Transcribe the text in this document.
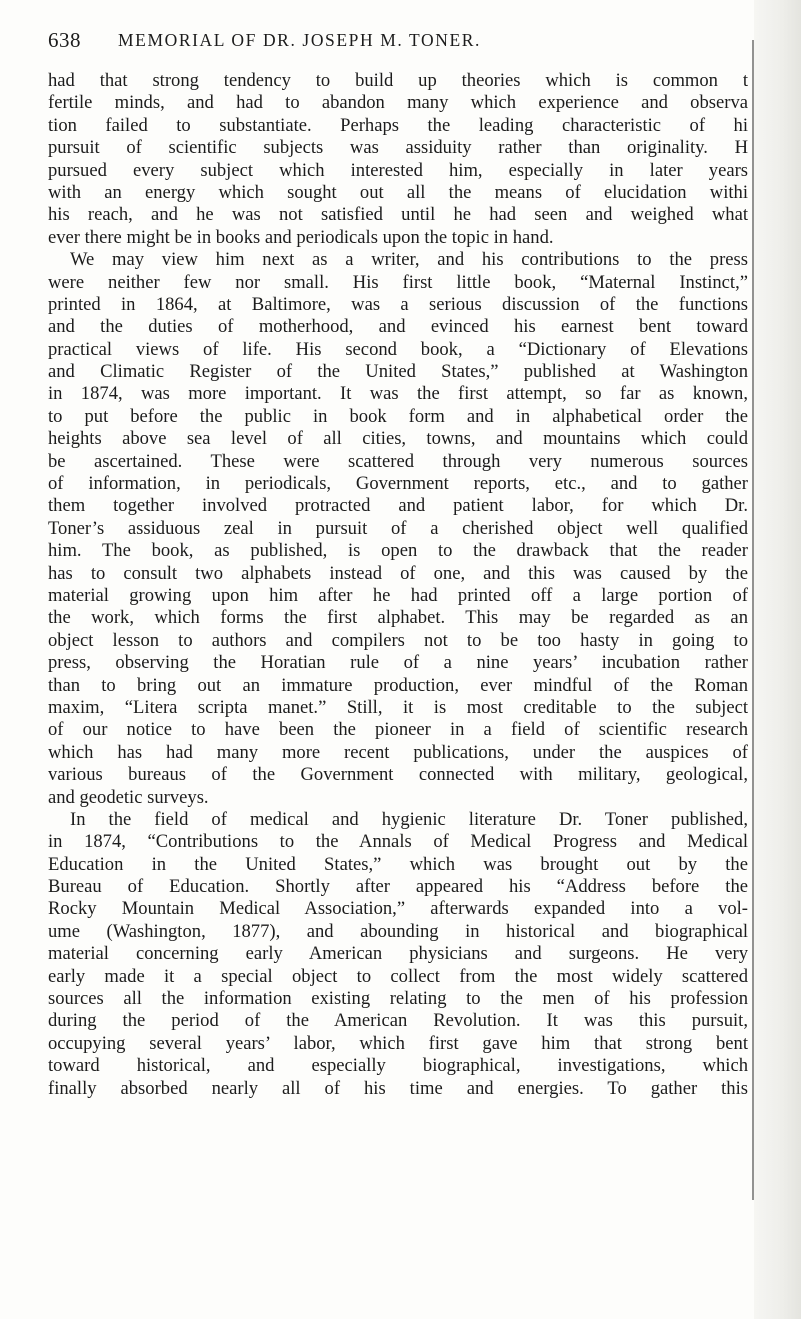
638 MEMORIAL OF DR. JOSEPH M. TONER.
had that strong tendency to build up theories which is common t
fertile minds, and had to abandon many which experience and observa
tion failed to substantiate. Perhaps the leading characteristic of hi
pursuit of scientific subjects was assiduity rather than originality. H
pursued every subject which interested him, especially in later years
with an energy which sought out all the means of elucidation withi
his reach, and he was not satisfied until he had seen and weighed what
ever there might be in books and periodicals upon the topic in hand.
We may view him next as a writer, and his contributions to the press
were neither few nor small. His first little book, “Maternal Instinct,”
printed in 1864, at Baltimore, was a serious discussion of the functions
and the duties of motherhood, and evinced his earnest bent toward
practical views of life. His second book, a “Dictionary of Elevations
and Climatic Register of the United States,” published at Washington
in 1874, was more important. It was the first attempt, so far as known,
to put before the public in book form and in alphabetical order the
heights above sea level of all cities, towns, and mountains which could
be ascertained. These were scattered through very numerous sources
of information, in periodicals, Government reports, etc., and to gather
them together involved protracted and patient labor, for which Dr.
Toner’s assiduous zeal in pursuit of a cherished object well qualified
him. The book, as published, is open to the drawback that the reader
has to consult two alphabets instead of one, and this was caused by the
material growing upon him after he had printed off a large portion of
the work, which forms the first alphabet. This may be regarded as an
object lesson to authors and compilers not to be too hasty in going to
press, observing the Horatian rule of a nine years’ incubation rather
than to bring out an immature production, ever mindful of the Roman
maxim, “Litera scripta manet.” Still, it is most creditable to the subject
of our notice to have been the pioneer in a field of scientific research
which has had many more recent publications, under the auspices of
various bureaus of the Government connected with military, geological,
and geodetic surveys.
In the field of medical and hygienic literature Dr. Toner published,
in 1874, “Contributions to the Annals of Medical Progress and Medical
Education in the United States,” which was brought out by the
Bureau of Education. Shortly after appeared his “Address before the
Rocky Mountain Medical Association,” afterwards expanded into a vol-
ume (Washington, 1877), and abounding in historical and biographical
material concerning early American physicians and surgeons. He very
early made it a special object to collect from the most widely scattered
sources all the information existing relating to the men of his profession
during the period of the American Revolution. It was this pursuit,
occupying several years’ labor, which first gave him that strong bent
toward historical, and especially biographical, investigations, which
finally absorbed nearly all of his time and energies. To gather this
